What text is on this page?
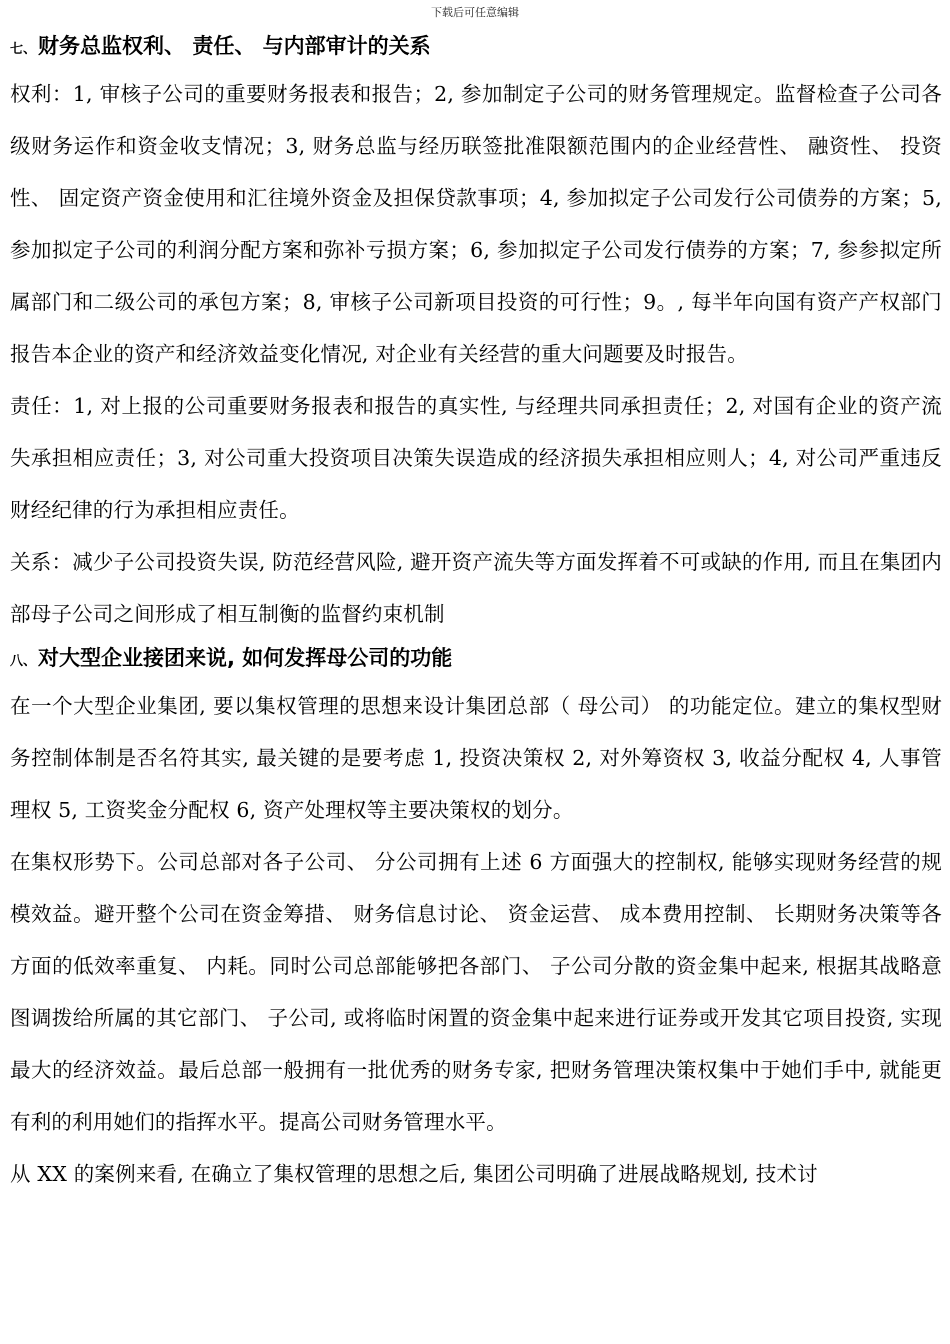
下载后可任意编辑
七、财务总监权利、 责任、 与内部审计的关系

权利：1, 审核子公司的重要财务报表和报告；2, 参加制定子公司的财务管理规定。监督检查子公司各级财务运作和资金收支情况；3, 财务总监与经历联签批准限额范围内的企业经营性、 融资性、 投资性、 固定资产资金使用和汇往境外资金及担保贷款事项；4, 参加拟定子公司发行公司债券的方案；5, 参加拟定子公司的利润分配方案和弥补亏损方案；6, 参加拟定子公司发行债券的方案；7, 参参拟定所属部门和二级公司的承包方案；8, 审核子公司新项目投资的可行性；9。, 每半年向国有资产产权部门报告本企业的资产和经济效益变化情况, 对企业有关经营的重大问题要及时报告。

责任：1, 对上报的公司重要财务报表和报告的真实性, 与经理共同承担责任；2, 对国有企业的资产流失承担相应责任；3, 对公司重大投资项目决策失误造成的经济损失承担相应则人；4, 对公司严重违反财经纪律的行为承担相应责任。

关系：减少子公司投资失误, 防范经营风险, 避开资产流失等方面发挥着不可或缺的作用, 而且在集团内部母子公司之间形成了相互制衡的监督约束机制

八、对大型企业接团来说, 如何发挥母公司的功能

在一个大型企业集团, 要以集权管理的思想来设计集团总部（ 母公司） 的功能定位。建立的集权型财务控制体制是否名符其实, 最关键的是要考虑 1, 投资决策权 2, 对外筹资权 3, 收益分配权 4, 人事管理权 5, 工资奖金分配权 6, 资产处理权等主要决策权的划分。

在集权形势下。公司总部对各子公司、 分公司拥有上述 6 方面强大的控制权, 能够实现财务经营的规模效益。避开整个公司在资金筹措、 财务信息讨论、 资金运营、 成本费用控制、 长期财务决策等各方面的低效率重复、 内耗。同时公司总部能够把各部门、 子公司分散的资金集中起来, 根据其战略意图调拨给所属的其它部门、 子公司, 或将临时闲置的资金集中起来进行证券或开发其它项目投资, 实现最大的经济效益。最后总部一般拥有一批优秀的财务专家, 把财务管理决策权集中于她们手中, 就能更有利的利用她们的指挥水平。提高公司财务管理水平。

从 XX 的案例来看, 在确立了集权管理的思想之后, 集团公司明确了进展战略规划, 技术讨
